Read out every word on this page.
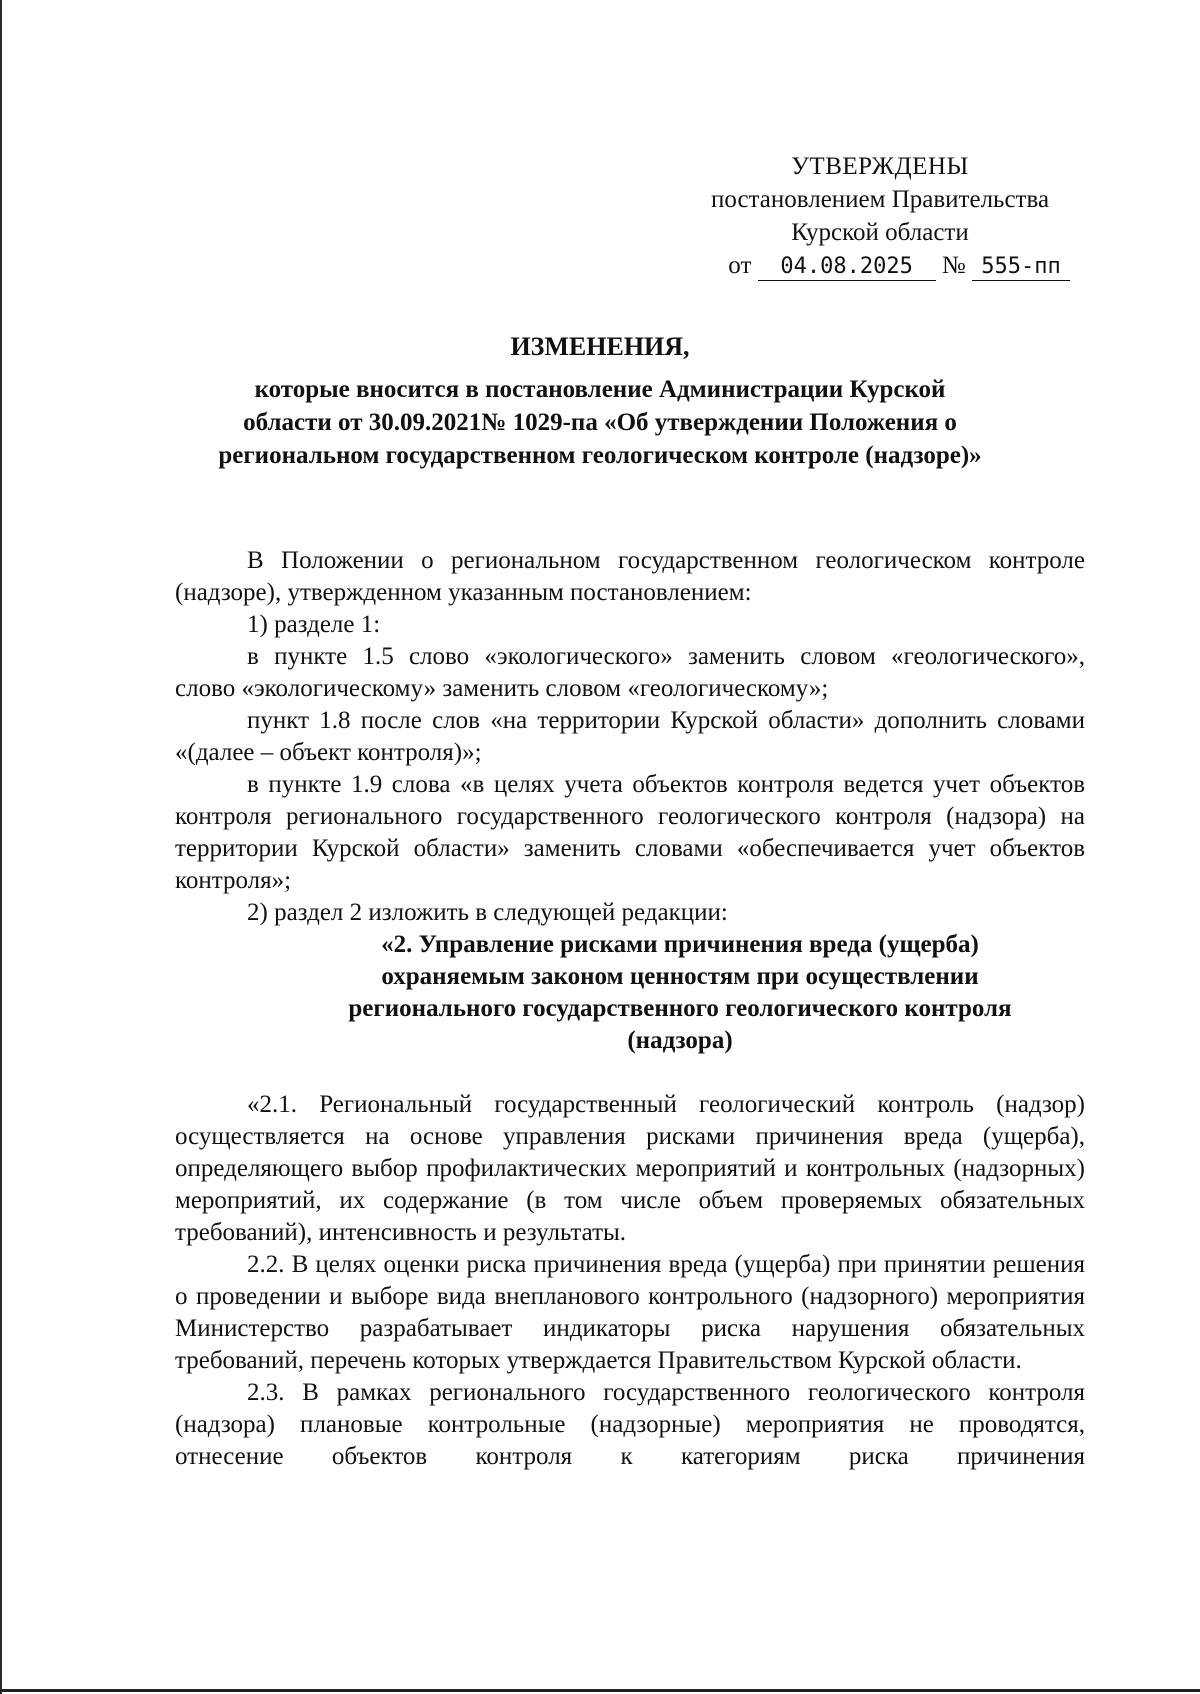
УТВЕРЖДЕНЫ
постановлением Правительства
Курской области
от 04.08.2025 № 555-пп
ИЗМЕНЕНИЯ,
которые вносится в постановление Администрации Курской
области от 30.09.2021№ 1029-па «Об утверждении Положения о
региональном государственном геологическом контроле (надзоре)»

В Положении о региональном государственном геологическом контроле (надзоре), утвержденном указанным постановлением:

1) разделе 1:

в пункте 1.5 слово «экологического» заменить словом «геологического», слово «экологическому» заменить словом «геологическому»;

пункт 1.8 после слов «на территории Курской области» дополнить словами «(далее – объект контроля)»;

в пункте 1.9 слова «в целях учета объектов контроля ведется учет объектов контроля регионального государственного геологического контроля (надзора) на территории Курской области» заменить словами «обеспечивается учет объектов контроля»;

2) раздел 2 изложить в следующей редакции:

«2. Управление рисками причинения вреда (ущерба)
охраняемым законом ценностям при осуществлении
регионального государственного геологического контроля
(надзора)

«2.1. Региональный государственный геологический контроль (надзор) осуществляется на основе управления рисками причинения вреда (ущерба), определяющего выбор профилактических мероприятий и контрольных (надзорных) мероприятий, их содержание (в том числе объем проверяемых обязательных требований), интенсивность и результаты.

2.2. В целях оценки риска причинения вреда (ущерба) при принятии решения о проведении и выборе вида внепланового контрольного (надзорного) мероприятия Министерство разрабатывает индикаторы риска нарушения обязательных требований, перечень которых утверждается Правительством Курской области.

2.3. В рамках регионального государственного геологического контроля (надзора) плановые контрольные (надзорные) мероприятия не проводятся, отнесение объектов контроля к категориям риска причинения
